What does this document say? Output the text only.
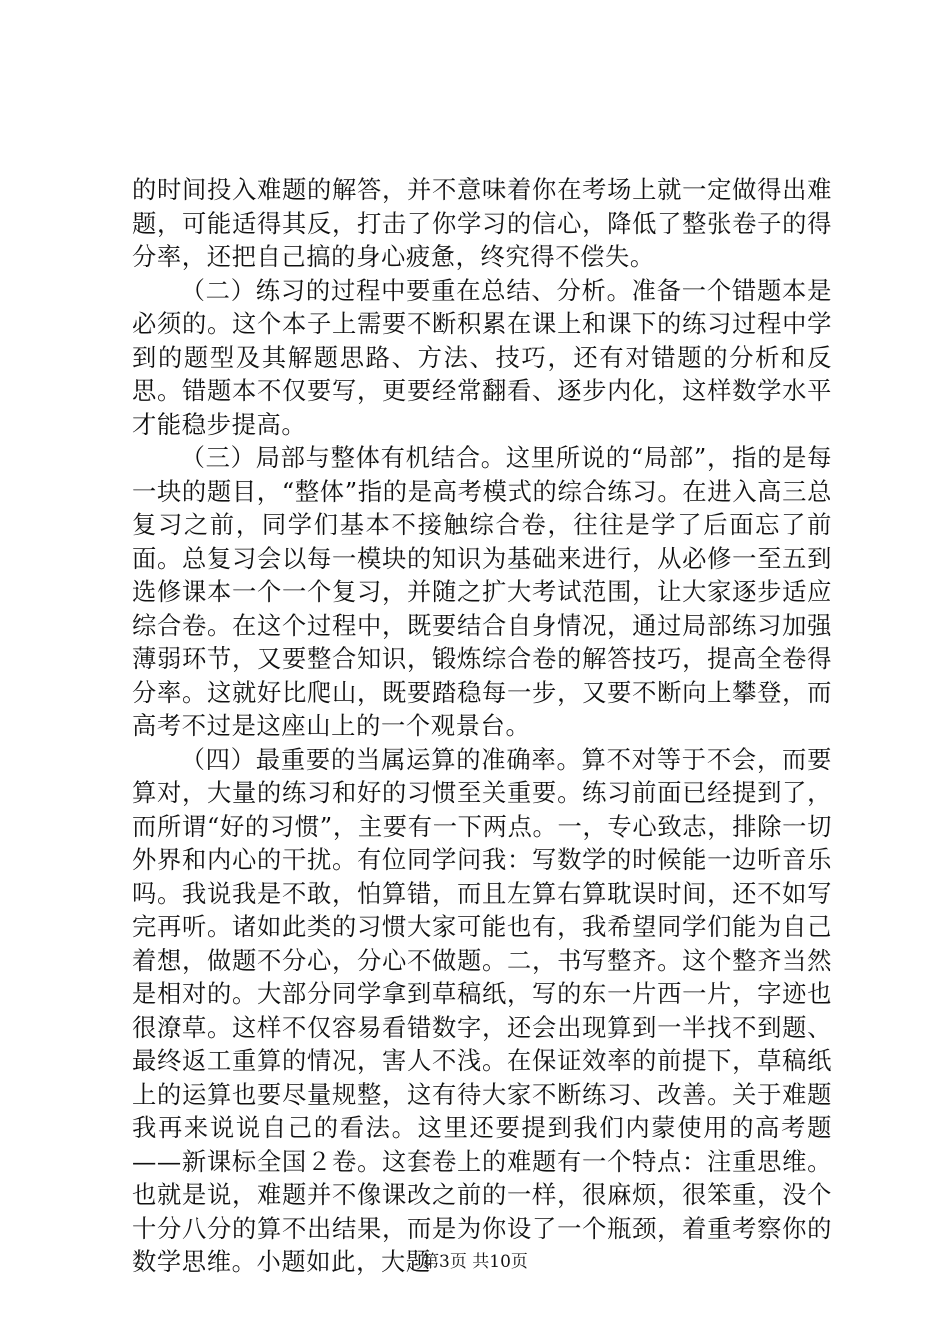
的时间投入难题的解答，并不意味着你在考场上就一定做得出难题，可能适得其反，打击了你学习的信心，降低了整张卷子的得分率，还把自己搞的身心疲惫，终究得不偿失。

（二）练习的过程中要重在总结、分析。准备一个错题本是必须的。这个本子上需要不断积累在课上和课下的练习过程中学到的题型及其解题思路、方法、技巧，还有对错题的分析和反思。错题本不仅要写，更要经常翻看、逐步内化，这样数学水平才能稳步提高。

（三）局部与整体有机结合。这里所说的“局部”，指的是每一块的题目，“整体”指的是高考模式的综合练习。在进入高三总复习之前，同学们基本不接触综合卷，往往是学了后面忘了前面。总复习会以每一模块的知识为基础来进行，从必修一至五到选修课本一个一个复习，并随之扩大考试范围，让大家逐步适应综合卷。在这个过程中，既要结合自身情况，通过局部练习加强薄弱环节，又要整合知识，锻炼综合卷的解答技巧，提高全卷得分率。这就好比爬山，既要踏稳每一步，又要不断向上攀登，而高考不过是这座山上的一个观景台。

（四）最重要的当属运算的准确率。算不对等于不会，而要算对，大量的练习和好的习惯至关重要。练习前面已经提到了，而所谓“好的习惯”，主要有一下两点。一，专心致志，排除一切外界和内心的干扰。有位同学问我：写数学的时候能一边听音乐吗。我说我是不敢，怕算错，而且左算右算耽误时间，还不如写完再听。诸如此类的习惯大家可能也有，我希望同学们能为自己着想，做题不分心，分心不做题。二，书写整齐。这个整齐当然是相对的。大部分同学拿到草稿纸，写的东一片西一片，字迹也很潦草。这样不仅容易看错数字，还会出现算到一半找不到题、最终返工重算的情况，害人不浅。在保证效率的前提下，草稿纸上的运算也要尽量规整，这有待大家不断练习、改善。关于难题我再来说说自己的看法。这里还要提到我们内蒙使用的高考题——新课标全国２卷。这套卷上的难题有一个特点：注重思维。也就是说，难题并不像课改之前的一样，很麻烦，很笨重，没个十分八分的算不出结果，而是为你设了一个瓶颈，着重考察你的数学思维。小题如此，大题

第3页 共10页
